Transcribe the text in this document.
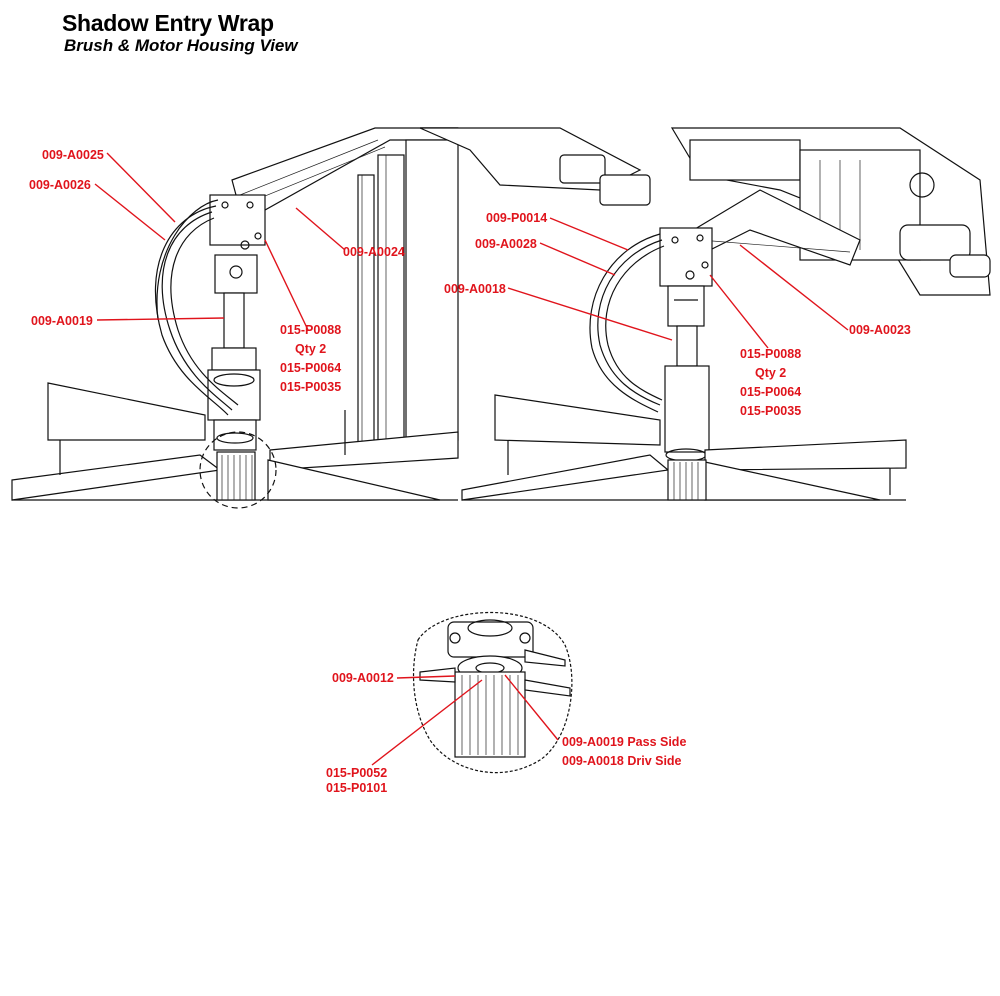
Shadow Entry Wrap
Brush & Motor Housing View
009-A0025
009-A0026
009-A0024
009-A0019
015-P0088
Qty 2
015-P0064
015-P0035
009-P0014
009-A0028
009-A0018
009-A0023
015-P0088
Qty 2
015-P0064
015-P0035
009-A0012
015-P0052
015-P0101
009-A0019 Pass Side
009-A0018 Driv Side
